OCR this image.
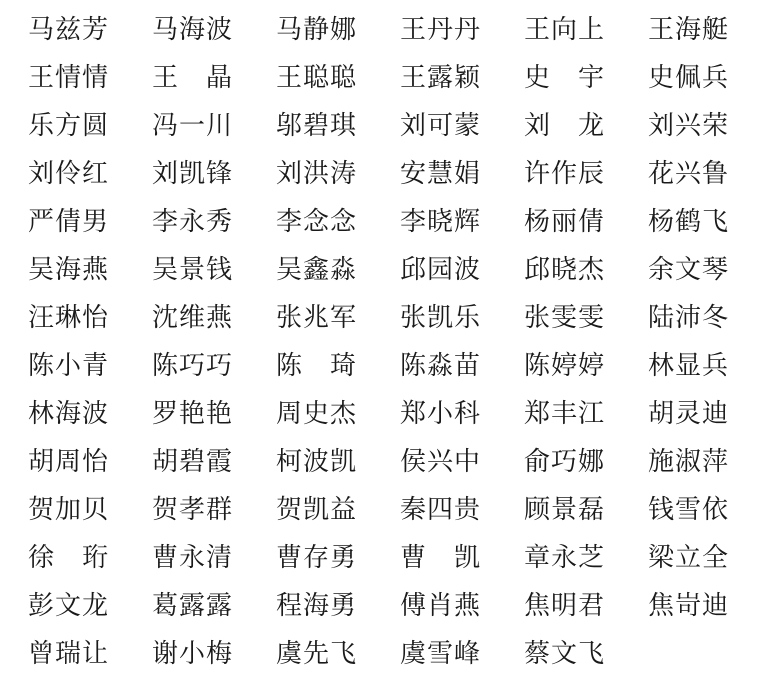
马兹芳	马海波	马静娜	王丹丹	王向上	王海艇
王情情	王　晶	王聪聪	王露颖	史　宇	史佩兵
乐方圆	冯一川	邬碧琪	刘可蒙	刘　龙	刘兴荣
刘伶红	刘凯锋	刘洪涛	安慧娟	许作辰	花兴鲁
严倩男	李永秀	李念念	李晓辉	杨丽倩	杨鹤飞
吴海燕	吴景钱	吴鑫淼	邱园波	邱晓杰	余文琴
汪琳怡	沈维燕	张兆军	张凯乐	张雯雯	陆沛冬
陈小青	陈巧巧	陈　琦	陈淼苗	陈婷婷	林显兵
林海波	罗艳艳	周史杰	郑小科	郑丰江	胡灵迪
胡周怡	胡碧霞	柯波凯	侯兴中	俞巧娜	施淑萍
贺加贝	贺孝群	贺凯益	秦四贵	顾景磊	钱雪依
徐　珩	曹永清	曹存勇	曹　凯	章永芝	梁立全
彭文龙	葛露露	程海勇	傅肖燕	焦明君	焦岢迪
曾瑞让	谢小梅	虞先飞	虞雪峰	蔡文飞
